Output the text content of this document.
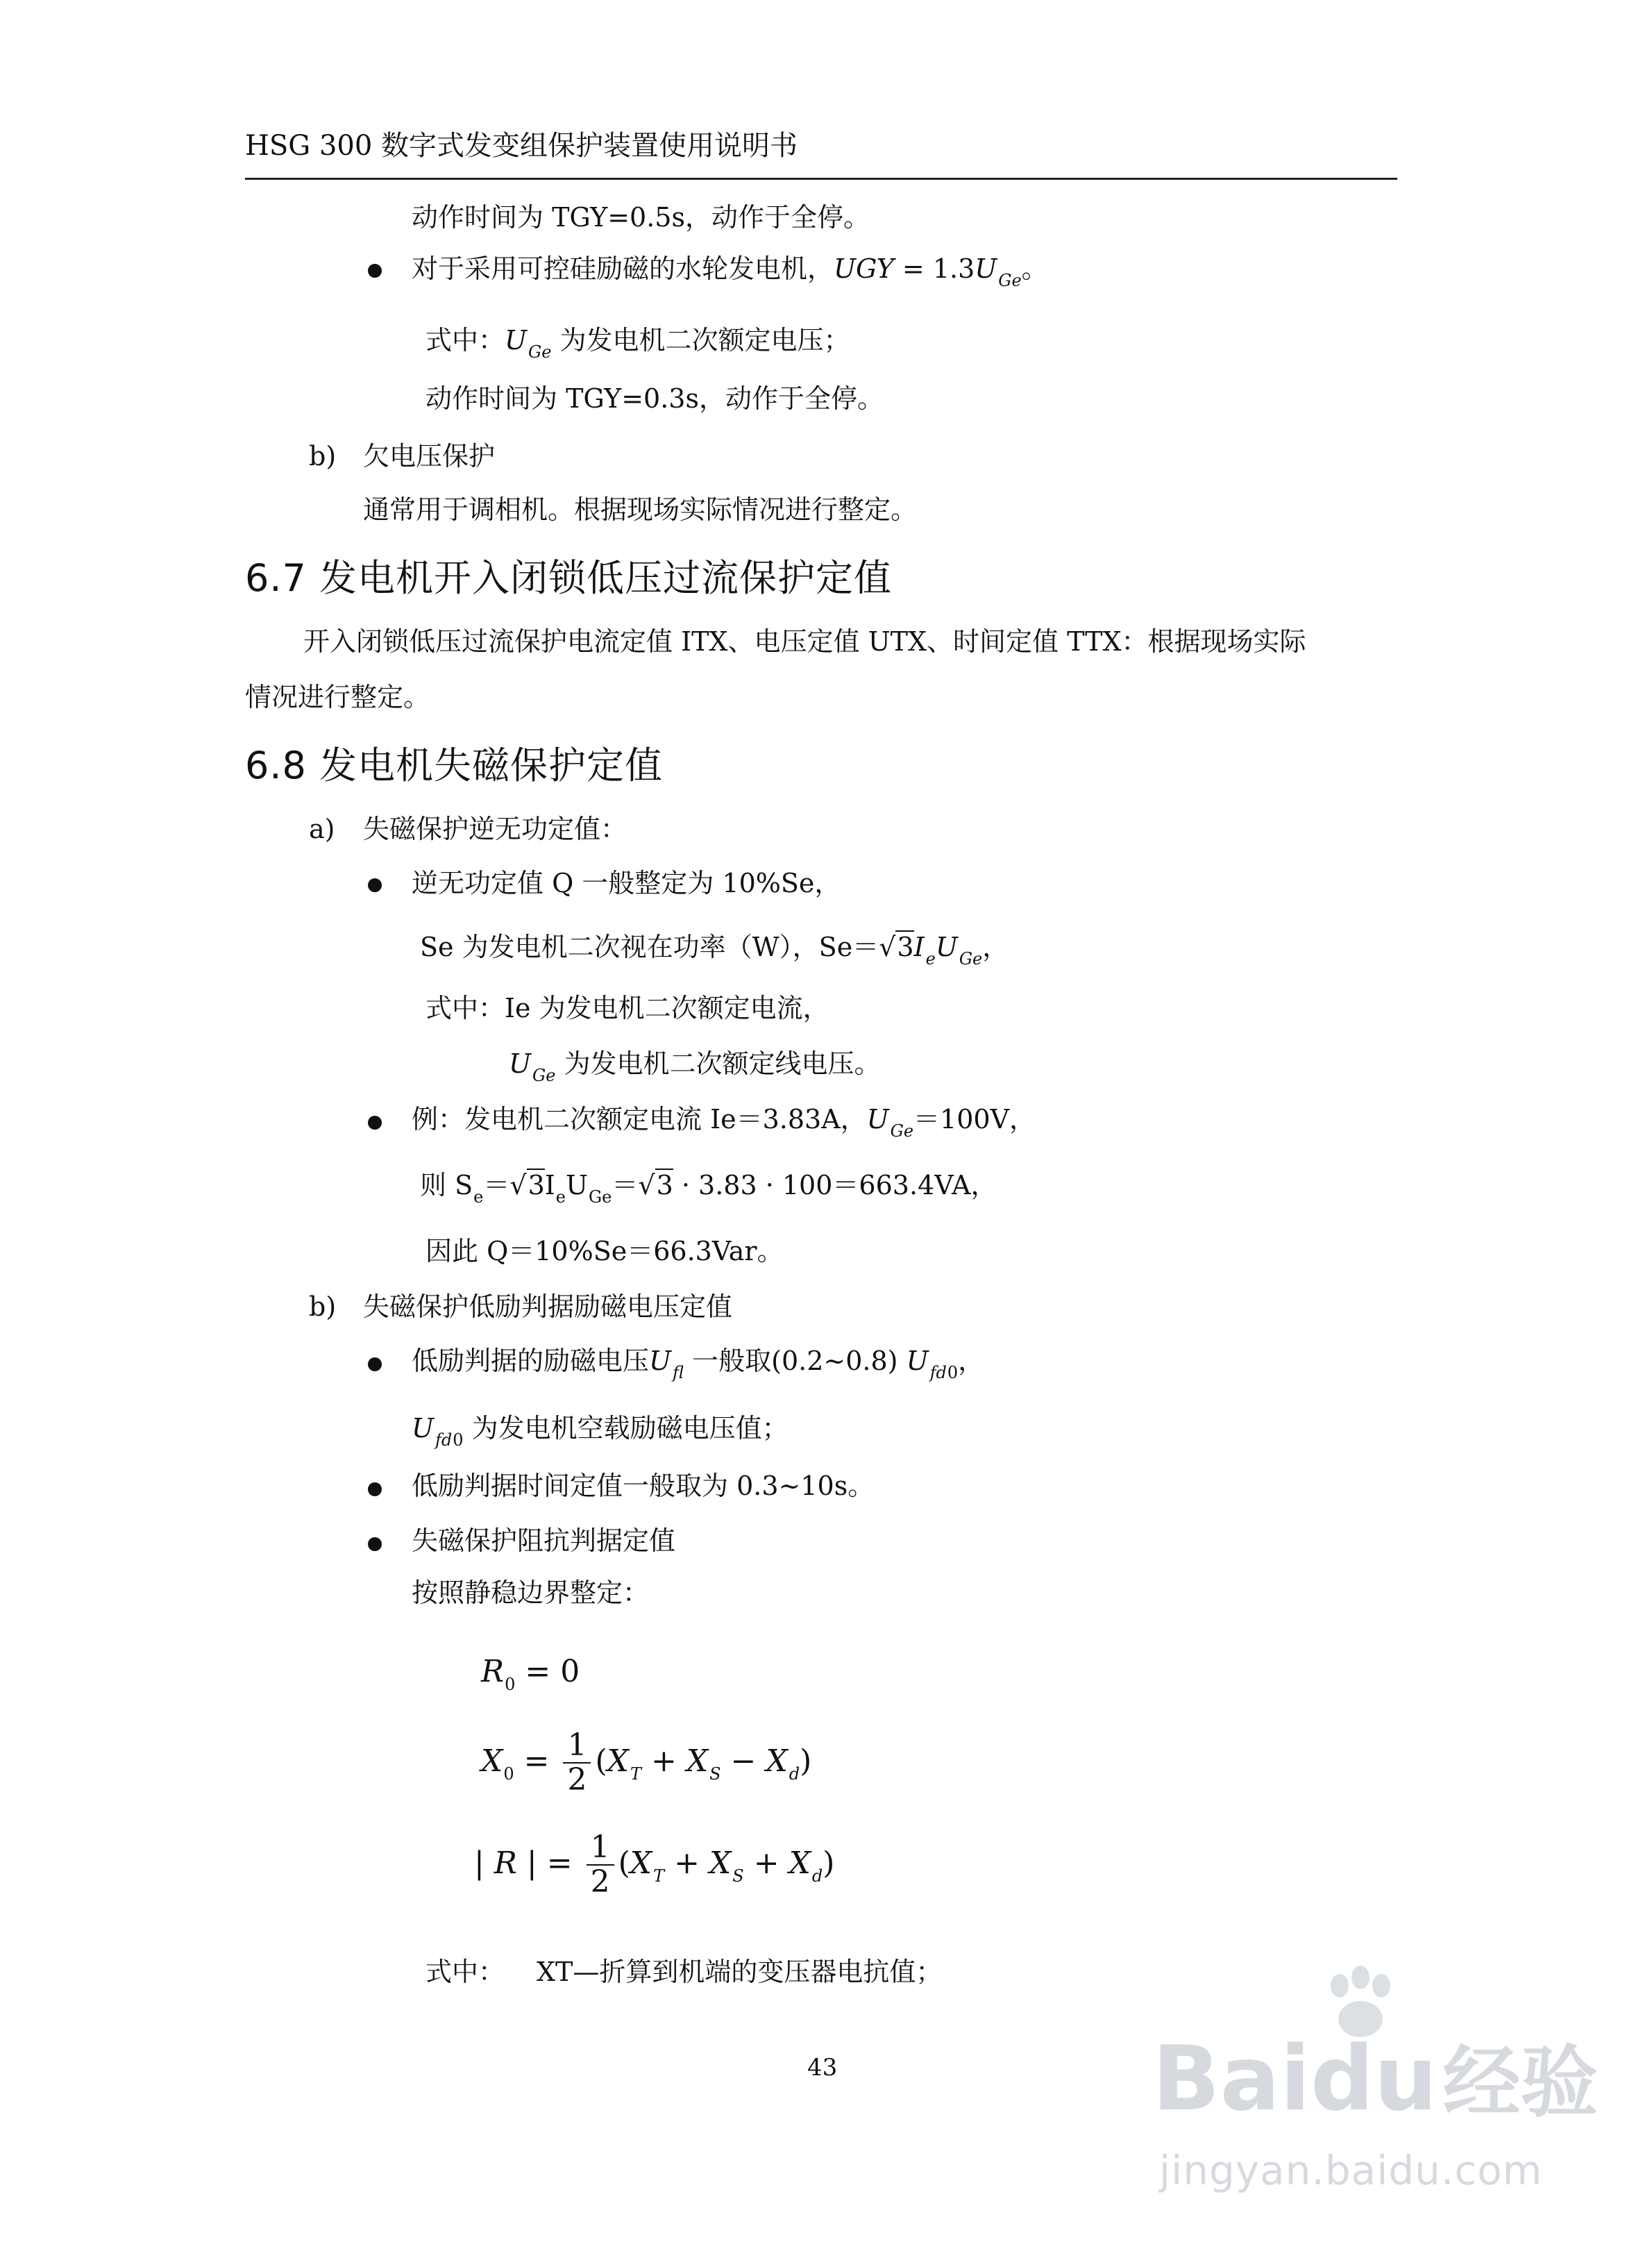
HSG 300 数字式发变组保护装置使用说明书
动作时间为 TGY=0.5s，动作于全停。
对于采用可控硅励磁的水轮发电机，UGY = $1.3U_{Ge}$。
式中：$U_{Ge}$ 为发电机二次额定电压；
动作时间为 TGY=0.3s，动作于全停。
b) 欠电压保护
通常用于调相机。根据现场实际情况进行整定。
6.7 发电机开入闭锁低压过流保护定值
开入闭锁低压过流保护电流定值 ITX、电压定值 UTX、时间定值 TTX：根据现场实际
情况进行整定。
6.8 发电机失磁保护定值
a) 失磁保护逆无功定值：
逆无功定值 Q 一般整定为 10%Se，
Se 为发电机二次视在功率（W），$Se=√3I_eU_{Ge}$，
式中：Ie 为发电机二次额定电流，
$U_{Ge}$ 为发电机二次额定线电压。
例：发电机二次额定电流 Ie＝3.83A，$U_{Ge}=100V$，
则 $S_e=√3I_eU_{Ge}=√3 \cdot 3.83 \cdot 100=663.4VA$，
因此 Q＝10%Se＝66.3Var。
b) 失磁保护低励判据励磁电压定值
低励判据的励磁电压$U_{fl}$ 一般取(0.2~0.8) $U_{fd0}$，
$U_{fd0}$ 为发电机空载励磁电压值；
低励判据时间定值一般取为 0.3~10s。
失磁保护阻抗判据定值
按照静稳边界整定：
$R_0 = 0$
$X_0 = \frac{1}{2} (X_T + X_S - X_d)$
| R | = $\frac{1}{2} (X_T + X_S + X_d)$
式中： XT—折算到机端的变压器电抗值；
43	Baidu经验
jingyan.baidu.com
